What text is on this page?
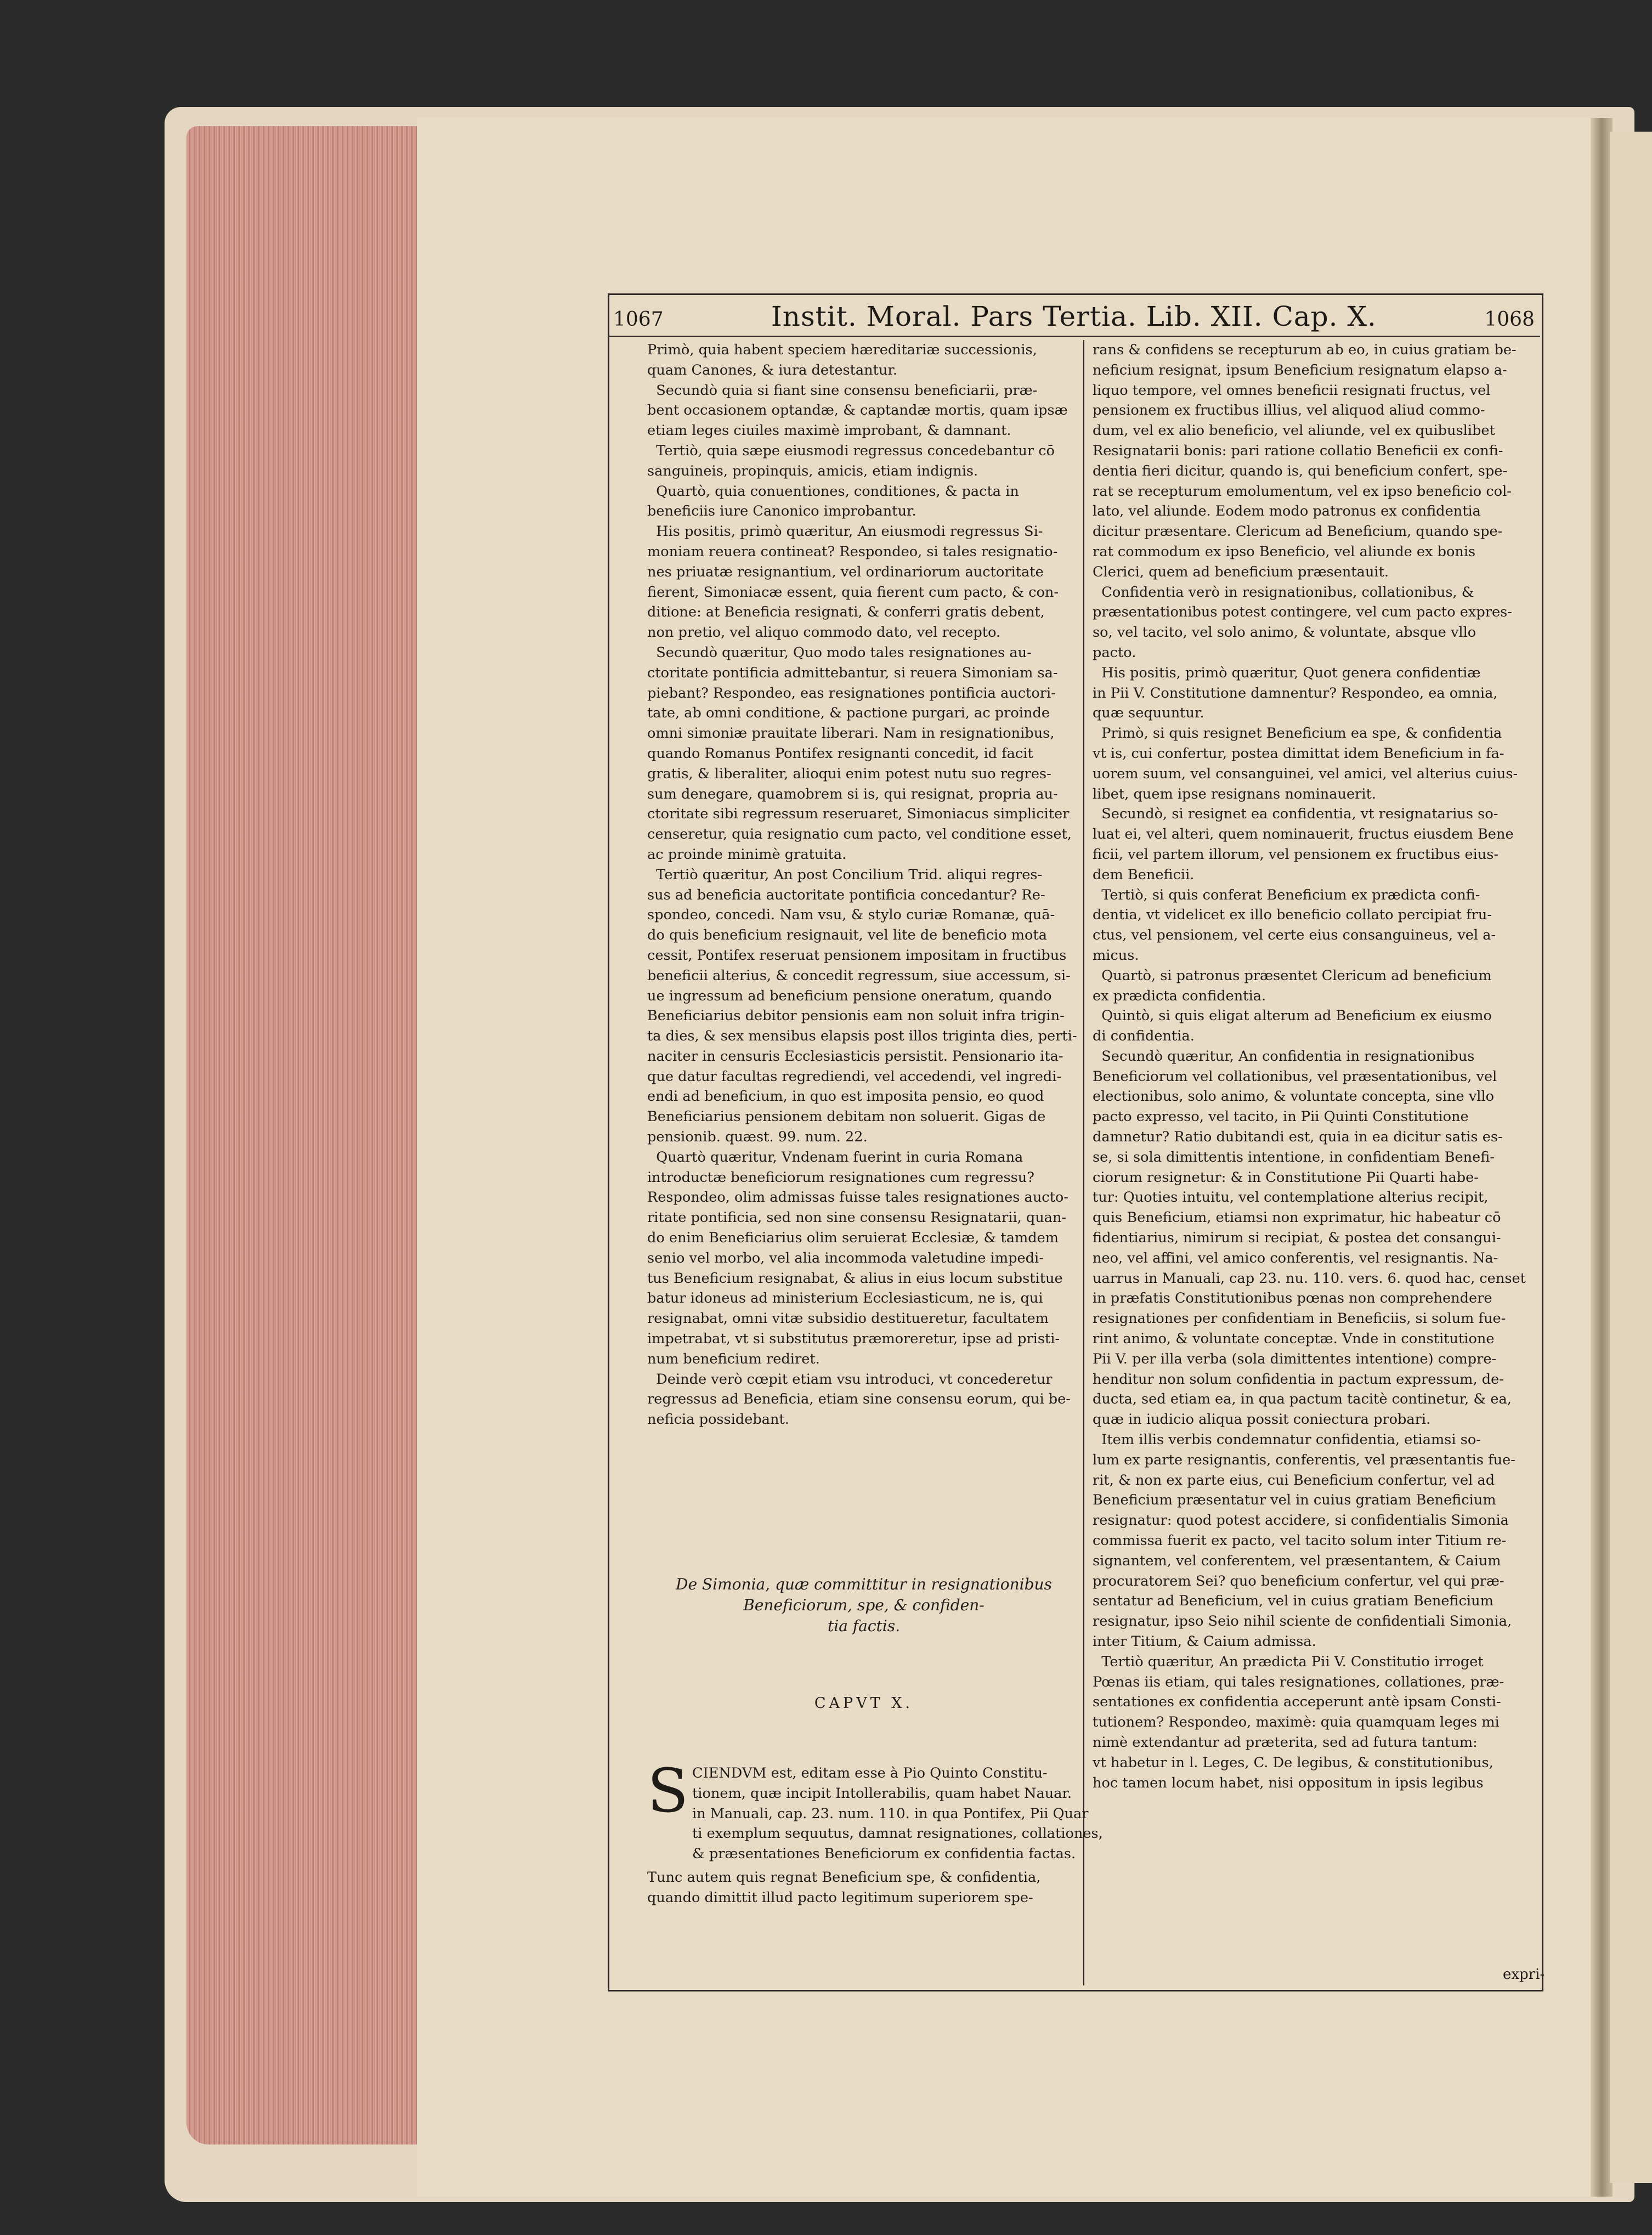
1067	Instit. Moral. Pars Tertia. Lib. XII. Cap. X.	1068
Primò, quia habent speciem hæreditariæ successionis,
quam Canones, & iura detestantur.
Secundò quia si fiant sine consensu beneficiarii, præ-
bent occasionem optandæ, & captandæ mortis, quam ipsæ
etiam leges ciuiles maximè improbant, & damnant.
Tertiò, quia sæpe eiusmodi regressus concedebantur cō
sanguineis, propinquis, amicis, etiam indignis.
Quartò, quia conuentiones, conditiones, & pacta in
beneficiis iure Canonico improbantur.
His positis, primò quæritur, An eiusmodi regressus Si-
moniam reuera contineat? Respondeo, si tales resignatio-
nes priuatæ resignantium, vel ordinariorum auctoritate
fierent, Simoniacæ essent, quia fierent cum pacto, & con-
ditione: at Beneficia resignati, & conferri gratis debent,
non pretio, vel aliquo commodo dato, vel recepto.
Secundò quæritur, Quo modo tales resignationes au-
ctoritate pontificia admittebantur, si reuera Simoniam sa-
piebant? Respondeo, eas resignationes pontificia auctori-
tate, ab omni conditione, & pactione purgari, ac proinde
omni simoniæ prauitate liberari. Nam in resignationibus,
quando Romanus Pontifex resignanti concedit, id facit
gratis, & liberaliter, alioqui enim potest nutu suo regres-
sum denegare, quamobrem si is, qui resignat, propria au-
ctoritate sibi regressum reseruaret, Simoniacus simpliciter
censeretur, quia resignatio cum pacto, vel conditione esset,
ac proinde minimè gratuita.
Tertiò quæritur, An post Concilium Trid. aliqui regres-
sus ad beneficia auctoritate pontificia concedantur? Re-
spondeo, concedi. Nam vsu, & stylo curiæ Romanæ, quā-
do quis beneficium resignauit, vel lite de beneficio mota
cessit, Pontifex reseruat pensionem impositam in fructibus
beneficii alterius, & concedit regressum, siue accessum, si-
ue ingressum ad beneficium pensione oneratum, quando
Beneficiarius debitor pensionis eam non soluit infra trigin-
ta dies, & sex mensibus elapsis post illos triginta dies, perti-
naciter in censuris Ecclesiasticis persistit. Pensionario ita-
que datur facultas regrediendi, vel accedendi, vel ingredi-
endi ad beneficium, in quo est imposita pensio, eo quod
Beneficiarius pensionem debitam non soluerit. Gigas de
pensionib. quæst. 99. num. 22.
Quartò quæritur, Vndenam fuerint in curia Romana
introductæ beneficiorum resignationes cum regressu?
Respondeo, olim admissas fuisse tales resignationes aucto-
ritate pontificia, sed non sine consensu Resignatarii, quan-
do enim Beneficiarius olim seruierat Ecclesiæ, & tamdem
senio vel morbo, vel alia incommoda valetudine impedi-
tus Beneficium resignabat, & alius in eius locum substitue
batur idoneus ad ministerium Ecclesiasticum, ne is, qui
resignabat, omni vitæ subsidio destitueretur, facultatem
impetrabat, vt si substitutus præmoreretur, ipse ad pristi-
num beneficium rediret.
Deinde verò cœpit etiam vsu introduci, vt concederetur
regressus ad Beneficia, etiam sine consensu eorum, qui be-
neficia possidebant.
De Simonia, quæ committitur in resignationibus
Beneficiorum, spe, & confiden-
tia factis.
CAPVT X.
S CIENDVM est, editam esse à Pio Quinto Constitu-
tionem, quæ incipit Intollerabilis, quam habet Nauar.
in Manuali, cap. 23. num. 110. in qua Pontifex, Pii Quar
ti exemplum sequutus, damnat resignationes, collationes,
& præsentationes Beneficiorum ex confidentia factas.
Tunc autem quis regnat Beneficium spe, & confidentia,
quando dimittit illud pacto legitimum superiorem spe-
rans & confidens se recepturum ab eo, in cuius gratiam be-
neficium resignat, ipsum Beneficium resignatum elapso a-
liquo tempore, vel omnes beneficii resignati fructus, vel
pensionem ex fructibus illius, vel aliquod aliud commo-
dum, vel ex alio beneficio, vel aliunde, vel ex quibuslibet
Resignatarii bonis: pari ratione collatio Beneficii ex confi-
dentia fieri dicitur, quando is, qui beneficium confert, spe-
rat se recepturum emolumentum, vel ex ipso beneficio col-
lato, vel aliunde. Eodem modo patronus ex confidentia
dicitur præsentare. Clericum ad Beneficium, quando spe-
rat commodum ex ipso Beneficio, vel aliunde ex bonis
Clerici, quem ad beneficium præsentauit.
Confidentia verò in resignationibus, collationibus, &
præsentationibus potest contingere, vel cum pacto expres-
so, vel tacito, vel solo animo, & voluntate, absque vllo
pacto.
His positis, primò quæritur, Quot genera confidentiæ
in Pii V. Constitutione damnentur? Respondeo, ea omnia,
quæ sequuntur.
Primò, si quis resignet Beneficium ea spe, & confidentia
vt is, cui confertur, postea dimittat idem Beneficium in fa-
uorem suum, vel consanguinei, vel amici, vel alterius cuius-
libet, quem ipse resignans nominauerit.
Secundò, si resignet ea confidentia, vt resignatarius so-
luat ei, vel alteri, quem nominauerit, fructus eiusdem Bene
ficii, vel partem illorum, vel pensionem ex fructibus eius-
dem Beneficii.
Tertiò, si quis conferat Beneficium ex prædicta confi-
dentia, vt videlicet ex illo beneficio collato percipiat fru-
ctus, vel pensionem, vel certe eius consanguineus, vel a-
micus.
Quartò, si patronus præsentet Clericum ad beneficium
ex prædicta confidentia.
Quintò, si quis eligat alterum ad Beneficium ex eiusmo
di confidentia.
Secundò quæritur, An confidentia in resignationibus
Beneficiorum vel collationibus, vel præsentationibus, vel
electionibus, solo animo, & voluntate concepta, sine vllo
pacto expresso, vel tacito, in Pii Quinti Constitutione
damnetur? Ratio dubitandi est, quia in ea dicitur satis es-
se, si sola dimittentis intentione, in confidentiam Benefi-
ciorum resignetur: & in Constitutione Pii Quarti habe-
tur: Quoties intuitu, vel contemplatione alterius recipit,
quis Beneficium, etiamsi non exprimatur, hic habeatur cō
fidentiarius, nimirum si recipiat, & postea det consangui-
neo, vel affini, vel amico conferentis, vel resignantis. Na-
uarrus in Manuali, cap 23. nu. 110. vers. 6. quod hac, censet
in præfatis Constitutionibus pœnas non comprehendere
resignationes per confidentiam in Beneficiis, si solum fue-
rint animo, & voluntate conceptæ. Vnde in constitutione
Pii V. per illa verba (sola dimittentes intentione) compre-
henditur non solum confidentia in pactum expressum, de-
ducta, sed etiam ea, in qua pactum tacitè continetur, & ea,
quæ in iudicio aliqua possit coniectura probari.
Item illis verbis condemnatur confidentia, etiamsi so-
lum ex parte resignantis, conferentis, vel præsentantis fue-
rit, & non ex parte eius, cui Beneficium confertur, vel ad
Beneficium præsentatur vel in cuius gratiam Beneficium
resignatur: quod potest accidere, si confidentialis Simonia
commissa fuerit ex pacto, vel tacito solum inter Titium re-
signantem, vel conferentem, vel præsentantem, & Caium
procuratorem Sei? quo beneficium confertur, vel qui præ-
sentatur ad Beneficium, vel in cuius gratiam Beneficium
resignatur, ipso Seio nihil sciente de confidentiali Simonia,
inter Titium, & Caium admissa.
Tertiò quæritur, An prædicta Pii V. Constitutio irroget
Pœnas iis etiam, qui tales resignationes, collationes, præ-
sentationes ex confidentia acceperunt antè ipsam Consti-
tutionem? Respondeo, maximè: quia quamquam leges mi
nimè extendantur ad præterita, sed ad futura tantum:
vt habetur in l. Leges, C. De legibus, & constitutionibus,
hoc tamen locum habet, nisi oppositum in ipsis legibus
expri-
